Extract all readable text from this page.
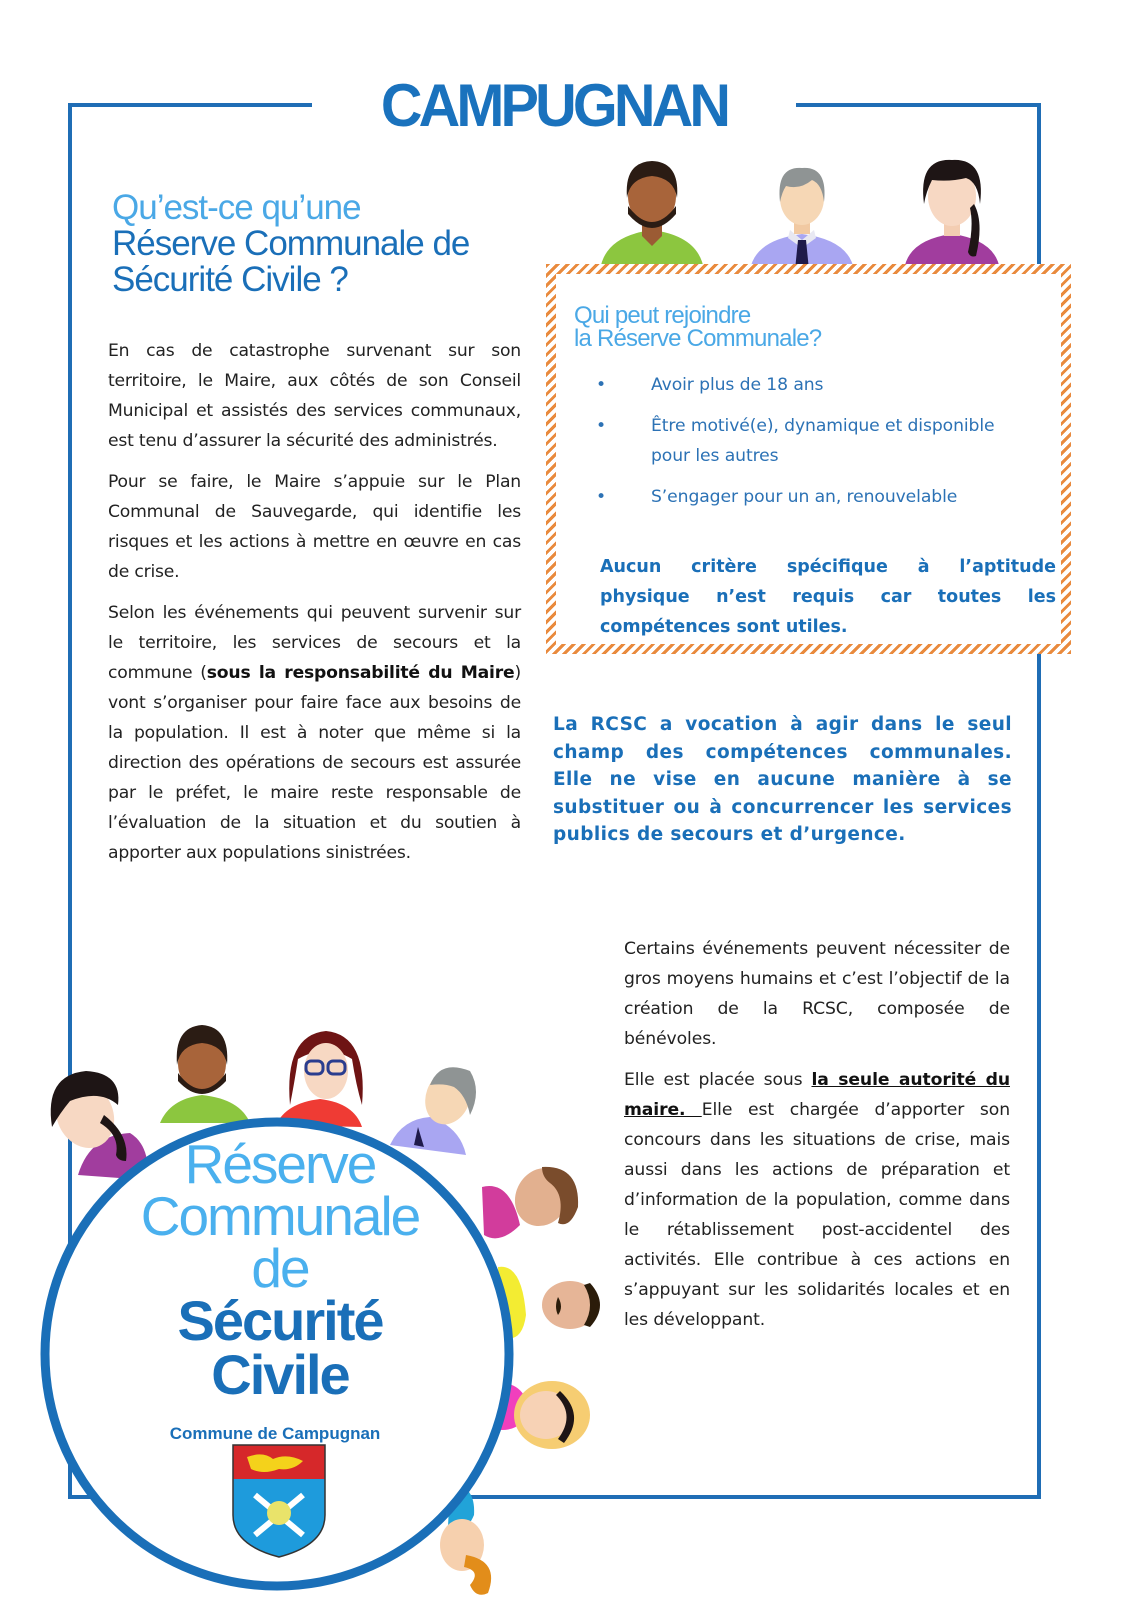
CAMPUGNAN
Qu’est-ce qu’une
Réserve Communale de
Sécurité Civile ?

En cas de catastrophe survenant sur son territoire, le Maire, aux côtés de son Conseil Municipal et assistés des services communaux, est tenu d’assurer la sécurité des administrés.

Pour se faire, le Maire s’appuie sur le Plan Communal de Sauvegarde, qui identifie les risques et les actions à mettre en œuvre en cas de crise.

Selon les événements qui peuvent survenir sur le territoire, les services de secours et la commune (sous la responsabilité du Maire) vont s’organiser pour faire face aux besoins de la population. Il est à noter que même si la direction des opérations de secours est assurée par le préfet, le maire reste responsable de l’évaluation de la situation et du soutien à apporter aux populations sinistrées.

Qui peut rejoindre
la Réserve Communale?
•	Avoir plus de 18 ans
•	Être motivé(e), dynamique et disponible pour les autres
•	S’engager pour un an, renouvelable
Aucun critère spécifique à l’aptitude physique n’est requis car toutes les compétences sont utiles.
La RCSC a vocation à agir dans le seul champ des compétences communales. Elle ne vise en aucune manière à se substituer ou à concurrencer les services publics de secours et d’urgence.

Certains événements peuvent nécessiter de gros moyens humains et c’est l’objectif de la création de la RCSC, composée de bénévoles.

Elle est placée sous la seule autorité du maire. Elle est chargée d’apporter son concours dans les situations de crise, mais aussi dans les actions de préparation et d’information de la population, comme dans le rétablissement post-accidentel des activités. Elle contribue à ces actions en s’appuyant sur les solidarités locales et en les développant.

Réserve
Communale
de
Sécurité
Civile
Commune de Campugnan
